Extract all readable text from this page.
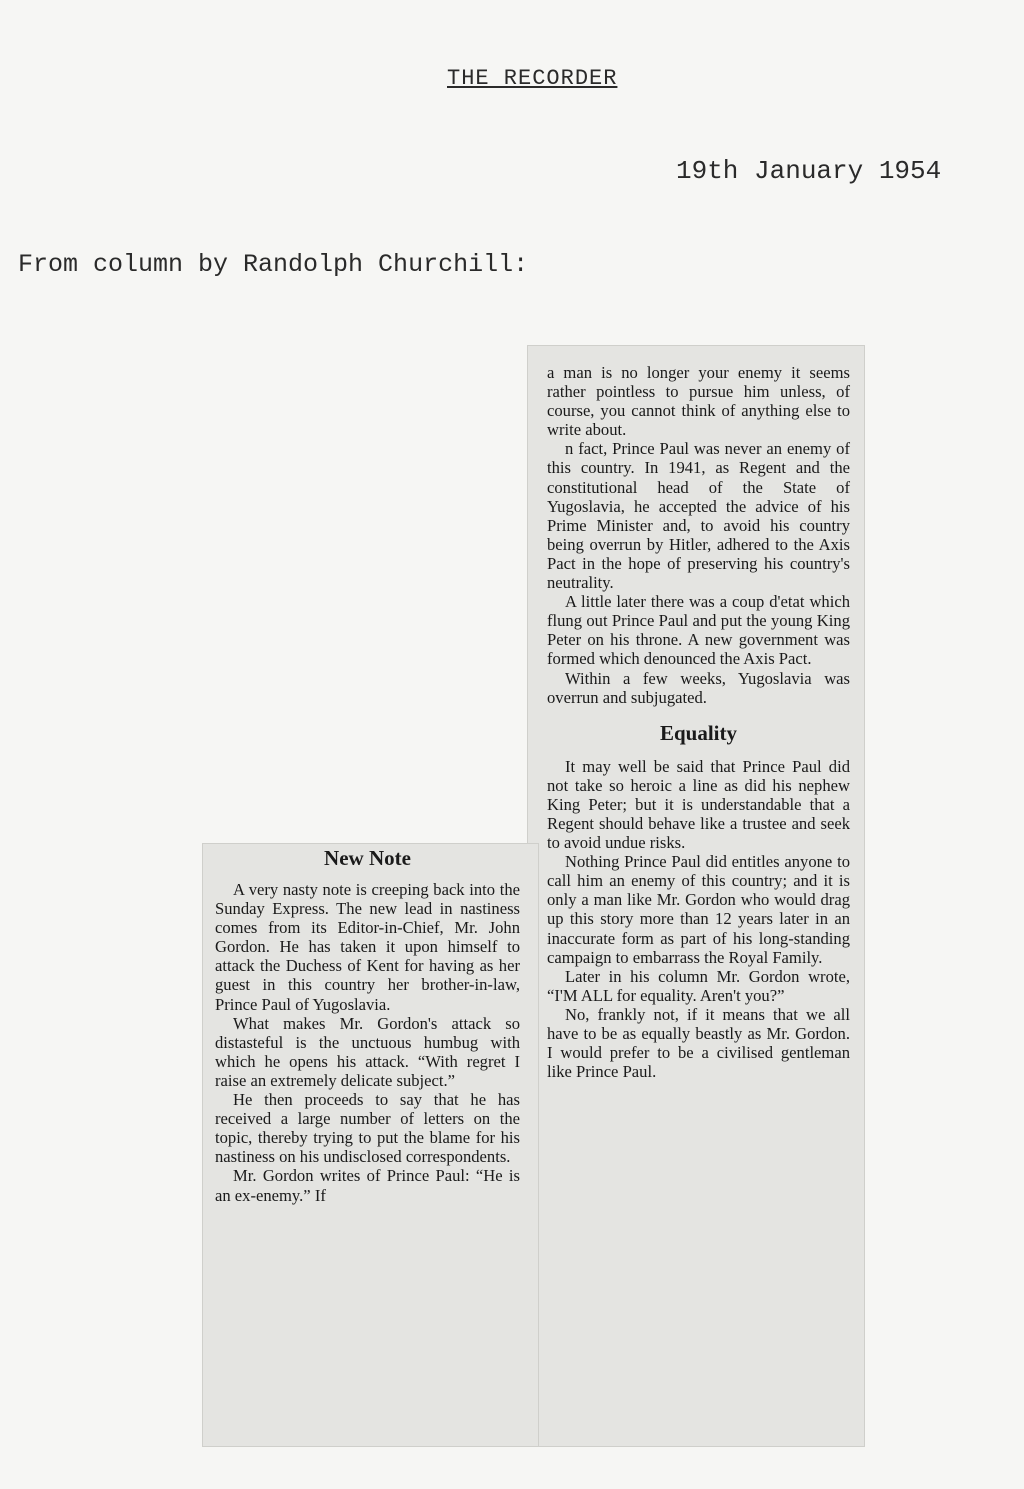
THE RECORDER
19th January 1954
From column by Randolph Churchill:

a man is no longer your enemy it seems rather pointless to pursue him unless, of course, you cannot think of anything else to write about.

n fact, Prince Paul was never an enemy of this country. In 1941, as Regent and the constitutional head of the State of Yugoslavia, he accepted the advice of his Prime Minister and, to avoid his country being overrun by Hitler, adhered to the Axis Pact in the hope of preserving his country's neutrality.

A little later there was a coup d'etat which flung out Prince Paul and put the young King Peter on his throne. A new government was formed which denounced the Axis Pact.

Within a few weeks, Yugoslavia was overrun and subjugated.

Equality

It may well be said that Prince Paul did not take so heroic a line as did his nephew King Peter; but it is understandable that a Regent should behave like a trustee and seek to avoid undue risks.

Nothing Prince Paul did entitles anyone to call him an enemy of this country; and it is only a man like Mr. Gordon who would drag up this story more than 12 years later in an inaccurate form as part of his long-standing campaign to embarrass the Royal Family.

Later in his column Mr. Gordon wrote, “I'M ALL for equality. Aren't you?”

No, frankly not, if it means that we all have to be as equally beastly as Mr. Gordon. I would prefer to be a civilised gentleman like Prince Paul.

New Note

A very nasty note is creeping back into the Sunday Express. The new lead in nastiness comes from its Editor-in-Chief, Mr. John Gordon. He has taken it upon himself to attack the Duchess of Kent for having as her guest in this country her brother-in-law, Prince Paul of Yugoslavia.

What makes Mr. Gordon's attack so distasteful is the unctuous humbug with which he opens his attack. “With regret I raise an extremely delicate subject.”

He then proceeds to say that he has received a large number of letters on the topic, thereby trying to put the blame for his nastiness on his undisclosed correspondents.

Mr. Gordon writes of Prince Paul: “He is an ex-enemy.” If
